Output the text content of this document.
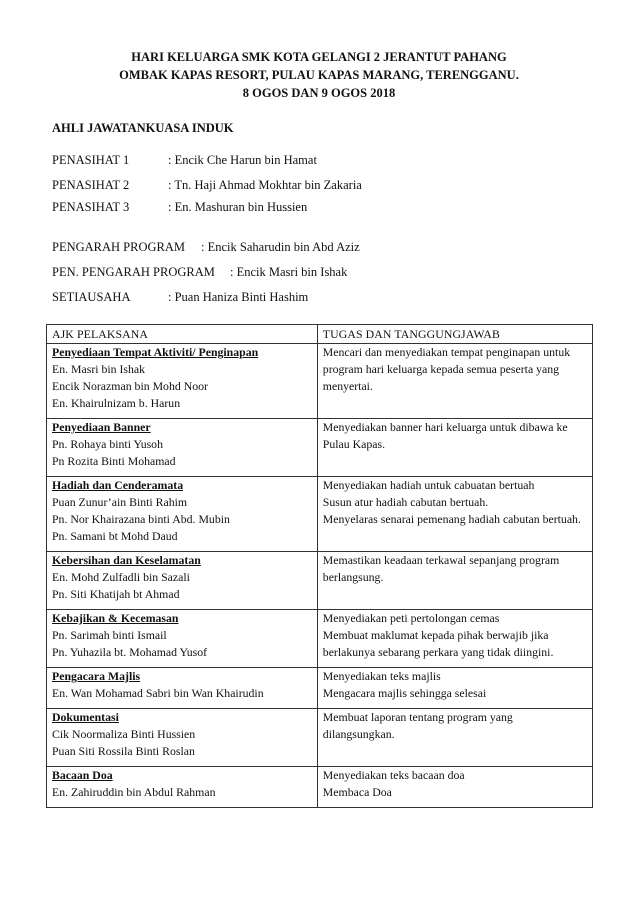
HARI KELUARGA SMK KOTA GELANGI 2 JERANTUT PAHANG
OMBAK KAPAS RESORT, PULAU KAPAS MARANG, TERENGGANU.
8 OGOS DAN 9 OGOS 2018
AHLI JAWATANKUASA INDUK
PENASIHAT 1	: Encik Che Harun bin Hamat
PENASIHAT 2	: Tn. Haji Ahmad Mokhtar bin Zakaria
PENASIHAT 3	: En. Mashuran bin Hussien
PENGARAH PROGRAM : Encik Saharudin bin Abd Aziz
PEN. PENGARAH PROGRAM : Encik Masri bin Ishak
SETIAUSAHA	: Puan Haniza Binti Hashim
AJK PELAKSANA	TUGAS DAN TANGGUNGJAWAB

Penyediaan Tempat Aktiviti/ Penginapan
En. Masri bin Ishak
Encik Norazman bin Mohd Noor
En. Khairulnizam b. Harun	Mencari dan menyediakan tempat penginapan untuk program hari keluarga kepada semua peserta yang menyertai.

Penyediaan Banner
Pn. Rohaya binti Yusoh
Pn Rozita Binti Mohamad	Menyediakan banner hari keluarga untuk dibawa ke Pulau Kapas.

Hadiah dan Cenderamata
Puan Zunur’ain Binti Rahim
Pn. Nor Khairazana binti Abd. Mubin
Pn. Samani bt Mohd Daud	Menyediakan hadiah untuk cabuatan bertuah
Susun atur hadiah cabutan bertuah.
Menyelaras senarai pemenang hadiah cabutan bertuah.

Kebersihan dan Keselamatan
En. Mohd Zulfadli bin Sazali
Pn. Siti Khatijah bt Ahmad	Memastikan keadaan terkawal sepanjang program berlangsung.

Kebajikan & Kecemasan
Pn. Sarimah binti Ismail
Pn. Yuhazila bt. Mohamad Yusof	Menyediakan peti pertolongan cemas
Membuat maklumat kepada pihak berwajib jika berlakunya sebarang perkara yang tidak diingini.

Pengacara Majlis
En. Wan Mohamad Sabri bin Wan Khairudin	Menyediakan teks majlis
Mengacara majlis sehingga selesai

Dokumentasi
Cik Noormaliza Binti Hussien
Puan Siti Rossila Binti Roslan	Membuat laporan tentang program yang dilangsungkan.

Bacaan Doa
En. Zahiruddin bin Abdul Rahman	Menyediakan teks bacaan doa
Membaca Doa
